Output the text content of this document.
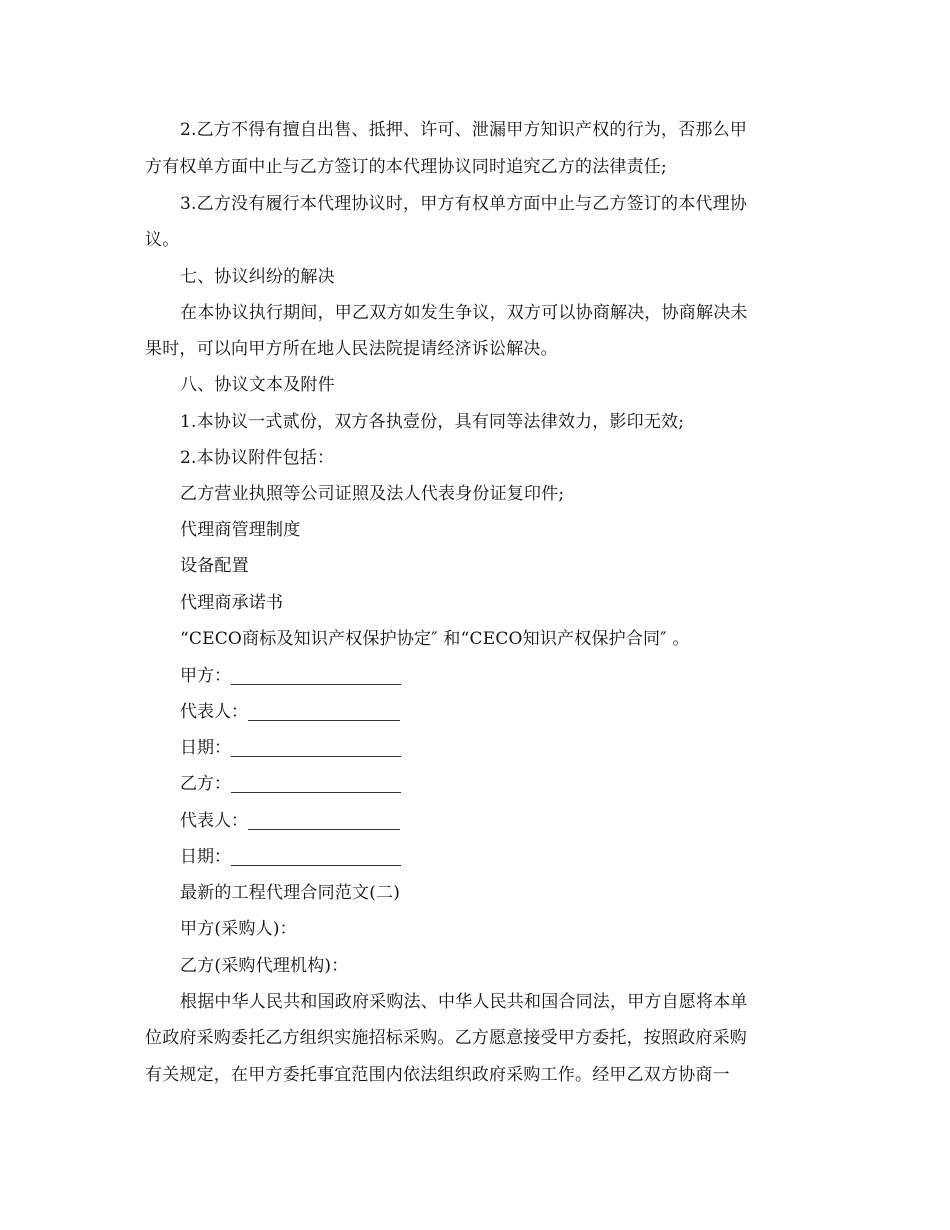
2.乙方不得有擅自出售、抵押、许可、泄漏甲方知识产权的行为，否那么甲
方有权单方面中止与乙方签订的本代理协议同时追究乙方的法律责任;
3.乙方没有履行本代理协议时，甲方有权单方面中止与乙方签订的本代理协
议。
七、协议纠纷的解决
在本协议执行期间，甲乙双方如发生争议，双方可以协商解决，协商解决未
果时，可以向甲方所在地人民法院提请经济诉讼解决。
八、协议文本及附件
1.本协议一式贰份，双方各执壹份，具有同等法律效力，影印无效;
2.本协议附件包括：
乙方营业执照等公司证照及法人代表身份证复印件;
代理商管理制度
设备配置
代理商承诺书
“CECO商标及知识产权保护协定″ 和“CECO知识产权保护合同″ 。
甲方：
代表人：
日期：
乙方：
代表人：
日期：
最新的工程代理合同范文(二)
甲方(采购人)：
乙方(采购代理机构)：
根据中华人民共和国政府采购法、中华人民共和国合同法，甲方自愿将本单
位政府采购委托乙方组织实施招标采购。乙方愿意接受甲方委托，按照政府采购
有关规定，在甲方委托事宜范围内依法组织政府采购工作。经甲乙双方协商一
